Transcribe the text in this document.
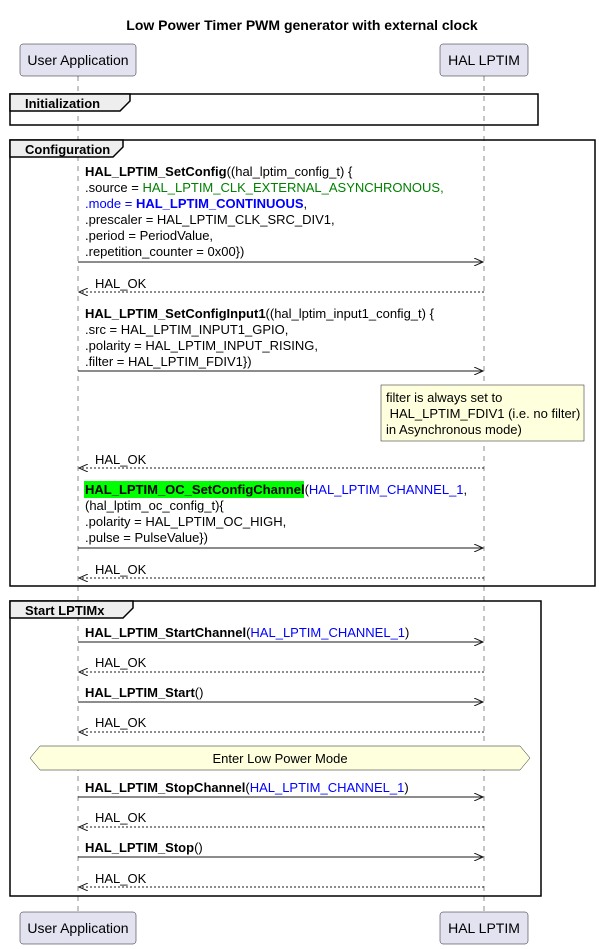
Low Power Timer PWM generator with external clock
User Application	HAL LPTIM
Initialization
Configuration
HAL_LPTIM_SetConfig((hal_lptim_config_t) {
.source = HAL_LPTIM_CLK_EXTERNAL_ASYNCHRONOUS,
.mode = HAL_LPTIM_CONTINUOUS,
.prescaler = HAL_LPTIM_CLK_SRC_DIV1,
.period = PeriodValue,
.repetition_counter = 0x00})
HAL_OK
HAL_LPTIM_SetConfigInput1((hal_lptim_input1_config_t) {
.src = HAL_LPTIM_INPUT1_GPIO,
.polarity = HAL_LPTIM_INPUT_RISING,
.filter = HAL_LPTIM_FDIV1})
filter is always set to
HAL_LPTIM_FDIV1 (i.e. no filter)
in Asynchronous mode)
HAL_OK
HAL_LPTIM_OC_SetConfigChannel(HAL_LPTIM_CHANNEL_1,
(hal_lptim_oc_config_t){
.polarity = HAL_LPTIM_OC_HIGH,
.pulse = PulseValue})
HAL_OK
Start LPTIMx
HAL_LPTIM_StartChannel(HAL_LPTIM_CHANNEL_1)
HAL_OK
HAL_LPTIM_Start()
HAL_OK
Enter Low Power Mode
HAL_LPTIM_StopChannel(HAL_LPTIM_CHANNEL_1)
HAL_OK
HAL_LPTIM_Stop()
HAL_OK
User Application	HAL LPTIM
